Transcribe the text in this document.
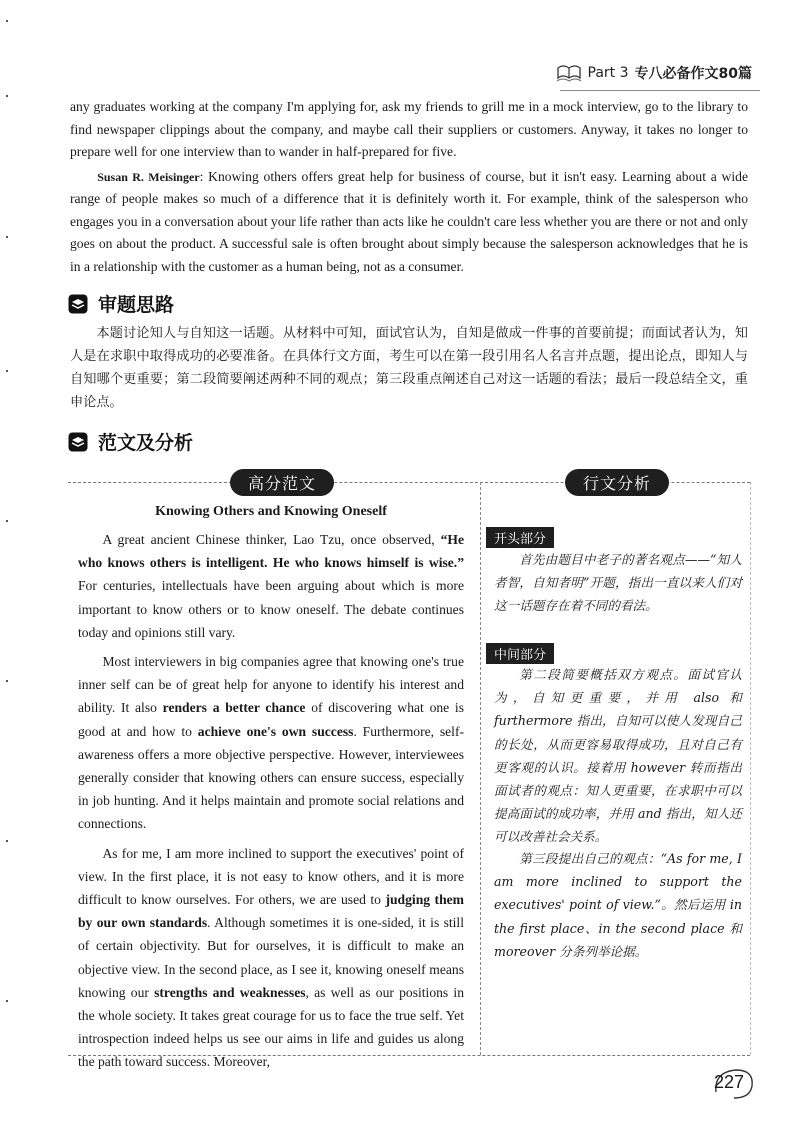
Part 3 专八必备作文80篇

any graduates working at the company I'm applying for, ask my friends to grill me in a mock interview, go to the library to find newspaper clippings about the company, and maybe call their suppliers or customers. Anyway, it takes no longer to prepare well for one interview than to wander in half-prepared for five.

Susan R. Meisinger: Knowing others offers great help for business of course, but it isn't easy. Learning about a wide range of people makes so much of a difference that it is definitely worth it. For example, think of the salesperson who engages you in a conversation about your life rather than acts like he couldn't care less whether you are there or not and only goes on about the product. A successful sale is often brought about simply because the salesperson acknowledges that he is in a relationship with the customer as a human being, not as a consumer.

审题思路

本题讨论知人与自知这一话题。从材料中可知，面试官认为，自知是做成一件事的首要前提；而面试者认为，知人是在求职中取得成功的必要准备。在具体行文方面，考生可以在第一段引用名人名言并点题，提出论点，即知人与自知哪个更重要；第二段简要阐述两种不同的观点；第三段重点阐述自己对这一话题的看法；最后一段总结全文，重申论点。

范文及分析
高分范文	行文分析
Knowing Others and Knowing Oneself

A great ancient Chinese thinker, Lao Tzu, once observed, “He who knows others is intelligent. He who knows himself is wise.” For centuries, intellectuals have been arguing about which is more important to know others or to know oneself. The debate continues today and opinions still vary.

Most interviewers in big companies agree that knowing one's true inner self can be of great help for anyone to identify his interest and ability. It also renders a better chance of discovering what one is good at and how to achieve one's own success. Furthermore, self-awareness offers a more objective perspective. However, interviewees generally consider that knowing others can ensure success, especially in job hunting. And it helps maintain and promote social relations and connections.

As for me, I am more inclined to support the executives' point of view. In the first place, it is not easy to know others, and it is more difficult to know ourselves. For others, we are used to judging them by our own standards. Although sometimes it is one-sided, it is still of certain objectivity. But for ourselves, it is difficult to make an objective view. In the second place, as I see it, knowing oneself means knowing our strengths and weaknesses, as well as our positions in the whole society. It takes great courage for us to face the true self. Yet introspection indeed helps us see our aims in life and guides us along the path toward success. Moreover,

开头部分

首先由题目中老子的著名观点——“知人者智，自知者明”开题，指出一直以来人们对这一话题存在着不同的看法。

中间部分

第二段简要概括双方观点。面试官认为，自知更重要，并用 also 和 furthermore 指出，自知可以使人发现自己的长处，从而更容易取得成功，且对自己有更客观的认识。接着用 however 转而指出面试者的观点：知人更重要，在求职中可以提高面试的成功率，并用 and 指出，知人还可以改善社会关系。

第三段提出自己的观点：“As for me, I am more inclined to support the executives' point of view.”。然后运用 in the first place、in the second place 和 moreover 分条列举论据。

227
